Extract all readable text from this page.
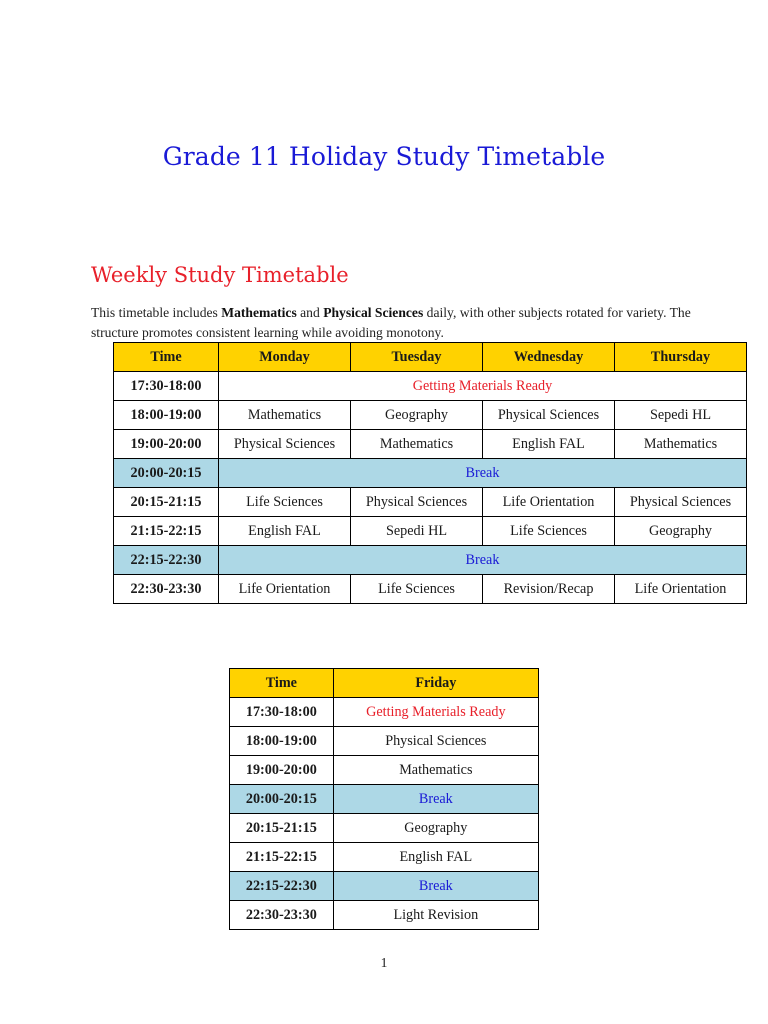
Grade 11 Holiday Study Timetable
Weekly Study Timetable
This timetable includes Mathematics and Physical Sciences daily, with other subjects rotated for variety. The structure promotes consistent learning while avoiding monotony.
Time	Monday	Tuesday	Wednesday	Thursday
17:30-18:00	Getting Materials Ready			
18:00-19:00	Mathematics	Geography	Physical Sciences	Sepedi HL
19:00-20:00	Physical Sciences	Mathematics	English FAL	Mathematics
20:00-20:15	Break			
20:15-21:15	Life Sciences	Physical Sciences	Life Orientation	Physical Sciences
21:15-22:15	English FAL	Sepedi HL	Life Sciences	Geography
22:15-22:30	Break			
22:30-23:30	Life Orientation	Life Sciences	Revision/Recap	Life Orientation
Time	Friday
17:30-18:00	Getting Materials Ready
18:00-19:00	Physical Sciences
19:00-20:00	Mathematics
20:00-20:15	Break
20:15-21:15	Geography
21:15-22:15	English FAL
22:15-22:30	Break
22:30-23:30	Light Revision
1
